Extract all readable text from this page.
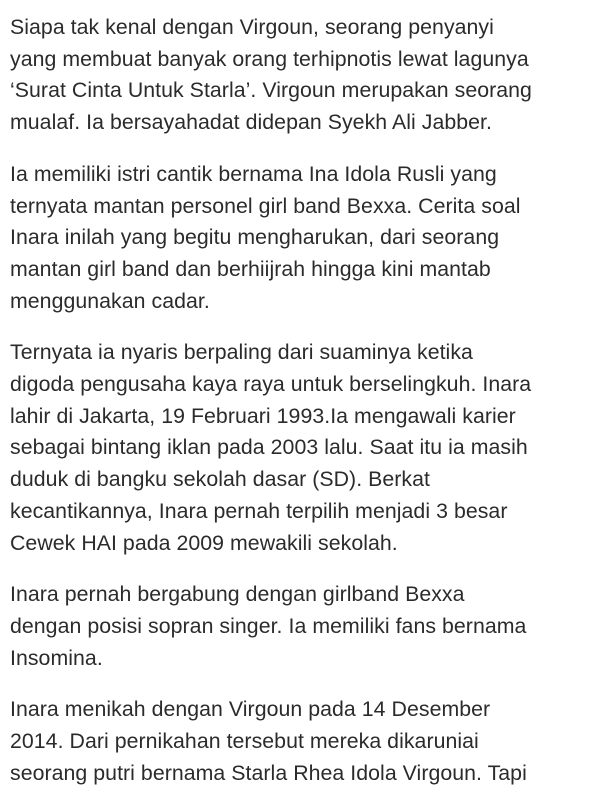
Siapa tak kenal dengan Virgoun, seorang penyanyi
yang membuat banyak orang terhipnotis lewat lagunya
‘Surat Cinta Untuk Starla’. Virgoun merupakan seorang
mualaf. Ia bersayahadat didepan Syekh Ali Jabber.

Ia memiliki istri cantik bernama Ina Idola Rusli yang
ternyata mantan personel girl band Bexxa. Cerita soal
Inara inilah yang begitu mengharukan, dari seorang
mantan girl band dan berhiijrah hingga kini mantab
menggunakan cadar.

Ternyata ia nyaris berpaling dari suaminya ketika
digoda pengusaha kaya raya untuk berselingkuh. Inara
lahir di Jakarta, 19 Februari 1993.Ia mengawali karier
sebagai bintang iklan pada 2003 lalu. Saat itu ia masih
duduk di bangku sekolah dasar (SD). Berkat
kecantikannya, Inara pernah terpilih menjadi 3 besar
Cewek HAI pada 2009 mewakili sekolah.

Inara pernah bergabung dengan girlband Bexxa
dengan posisi sopran singer. Ia memiliki fans bernama
Insomina.

Inara menikah dengan Virgoun pada 14 Desember
2014. Dari pernikahan tersebut mereka dikaruniai
seorang putri bernama Starla Rhea Idola Virgoun. Tapi
